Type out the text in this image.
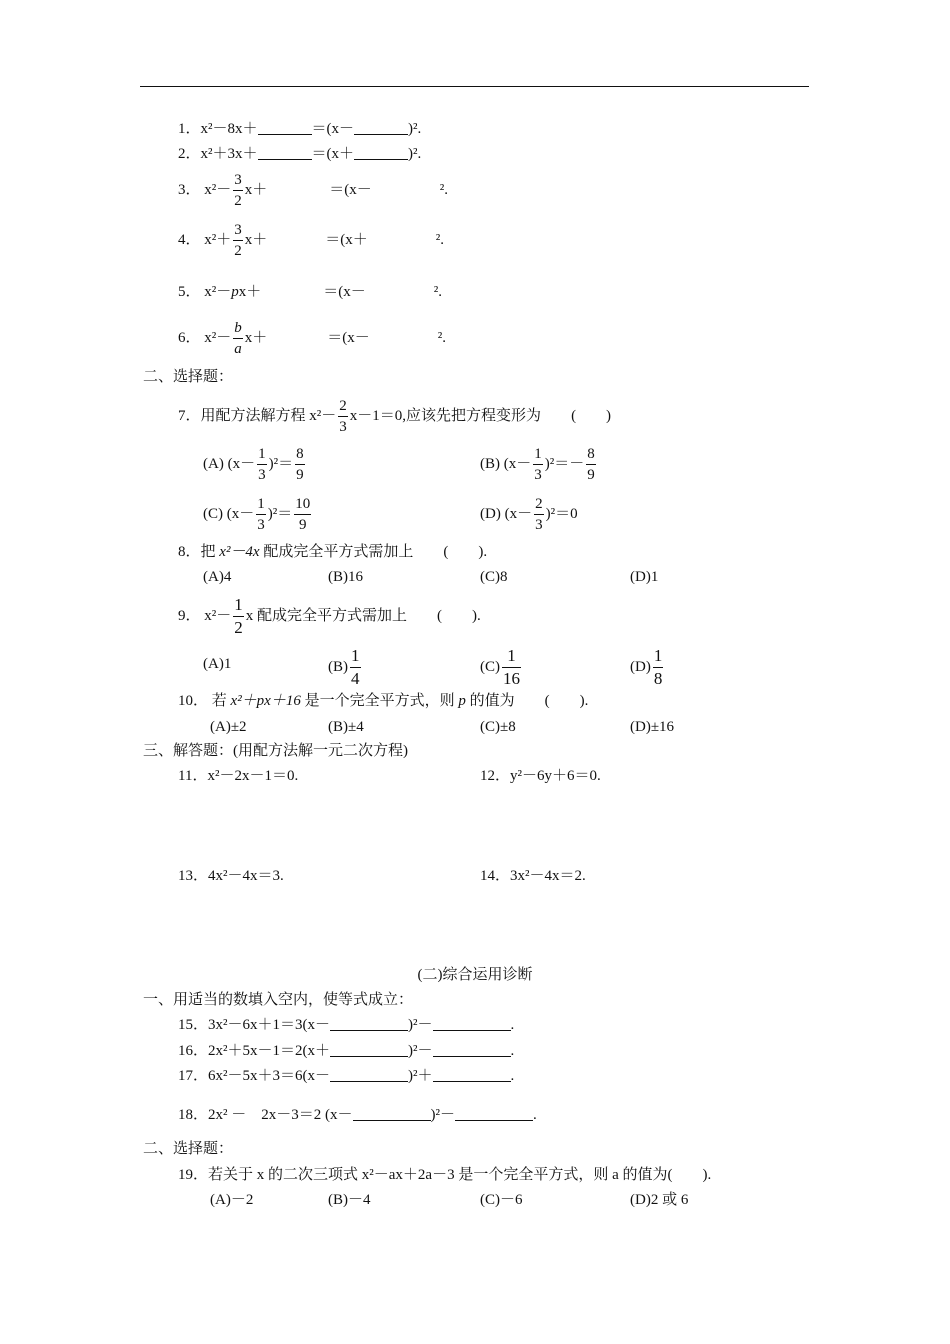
1．x²－8x＋	＝(x－	)².
2．x²＋3x＋	＝(x＋	)².
3． $x^2- \frac{3}{2} x+$	＝(x－	².
4． $x^2+ \frac{3}{2} x+$	＝(x＋	².
5． x²－px＋	＝(x－	².
6． $x^2- \frac{b}{a} x+$	＝(x－	².
二、选择题：
7．用配方法解方程 $x^2- \frac{2}{3} x-1=0$,应该先把方程变形为 (　　)
(A) $(x- \frac{1}{3} )^2= \frac{8}{9}$	(B) $(x- \frac{1}{3} )^2=- \frac{8}{9}$
(C) $(x- \frac{1}{3} )^2= \frac{10}{9}$	(D) $(x- \frac{2}{3} )^2=0$
8．把 x²－4x 配成完全平方式需加上 (　　).
(A)4	(B)16	(C)8	(D)1
9． $x^2- \frac{1}{2}$ x 配成完全平方式需加上 (　　).
(A)1	$(B) \frac{1}{4}$	$(C) \frac{1}{16}$	$(D) \frac{1}{8}$
10． 若 x²＋px＋16 是一个完全平方式，则 p 的值为 (　　).
(A)±2	(B)±4	(C)±8	(D)±16
三、解答题：(用配方法解一元二次方程)
11．x²－2x－1＝0.	12．y²－6y＋6＝0.
13．4x²－4x＝3.	14．3x²－4x＝2.
(二)综合运用诊断
一、用适当的数填入空内，使等式成立：
15．3x²－6x＋1＝3(x－	)²－	.
16．2x²＋5x－1＝2(x＋	)²－	.
17．6x²－5x＋3＝6(x－	)²＋	.
18．2x² －　2x－3＝2 (x－	)²－	.
二、选择题：
19．若关于 x 的二次三项式 x²－ax＋2a－3 是一个完全平方式，则 a 的值为(　　).
(A)－2	(B)－4	(C)－6	(D)2 或 6
